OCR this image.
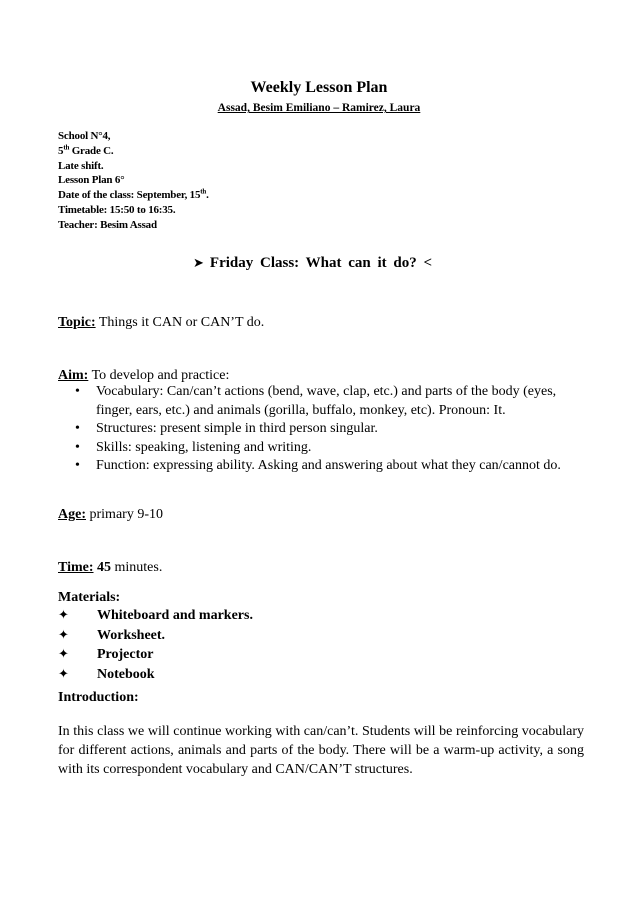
Weekly Lesson Plan
Assad, Besim Emiliano – Ramirez, Laura
School N°4,
5th Grade C.
Late shift.
Lesson Plan 6°
Date of the class: September, 15th.
Timetable: 15:50 to 16:35.
Teacher: Besim Assad
➤ Friday Class: What can it do? <
Topic: Things it CAN or CAN’T do.
Aim: To develop and practice:
• Vocabulary: Can/can’t actions (bend, wave, clap, etc.) and parts of the body (eyes, finger, ears, etc.) and animals (gorilla, buffalo, monkey, etc). Pronoun: It.
• Structures: present simple in third person singular.
• Skills: speaking, listening and writing.
• Function: expressing ability. Asking and answering about what they can/cannot do.
Age: primary 9-10
Time: 45 minutes.
Materials:
✦ Whiteboard and markers.
✦ Worksheet.
✦ Projector
✦ Notebook
Introduction:
In this class we will continue working with can/can’t. Students will be reinforcing vocabulary for different actions, animals and parts of the body. There will be a warm-up activity, a song with its correspondent vocabulary and CAN/CAN’T structures.
